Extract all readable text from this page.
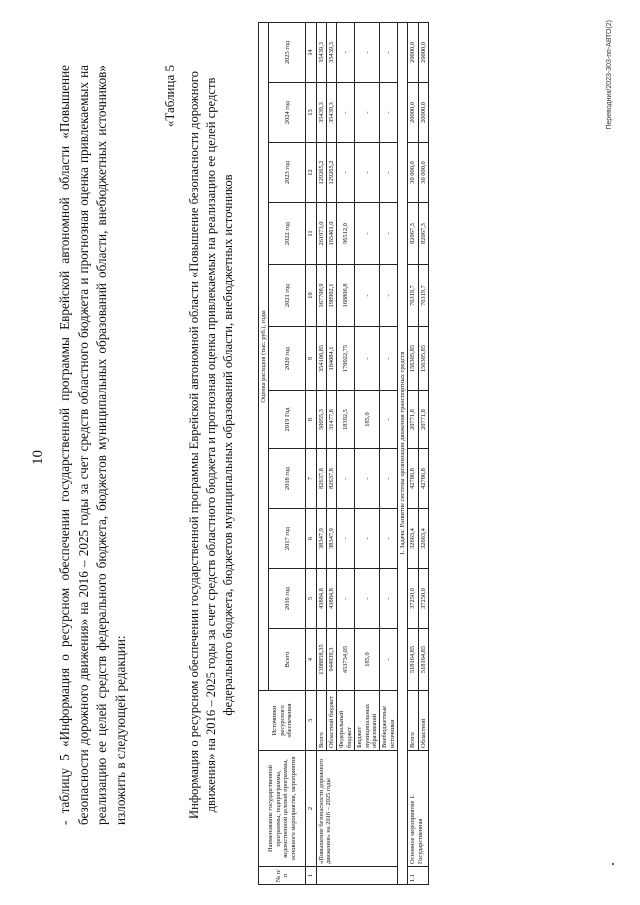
10 - таблицу 5 «Информация о ресурсном обеспечении государственной программы Еврейской автономной области «Повышение безопасности дорожного движения» на 2016 – 2025 годы за счет средств областного бюджета и прогнозная оценка привлекаемых на реализацию ее целей средств федерального бюджета, бюджетов муниципальных образований области, внебюджетных источников» изложить в следующей редакции:
«Таблица 5 Информация о ресурсном обеспечении государственной программы Еврейской автономной области «Повышение безопасности дорожного движения» на 2016 – 2025 годы за счет средств областного бюджета и прогнозная оценка привлекаемых на реализацию ее целей средств федерального бюджета, бюджетов муниципальных образований области, внебюджетных источников
№ п/п	Наименование государственной программы, подпрограммы, ведомственной целевой программы, основного мероприятия, мероприятия	Источники ресурсного обеспечения	Оценка расходов (тыс. руб.), годы										
			Всего	2016 год	2017 год	2018 год	2019 Год	2020 год	2021 год	2022 год	2023 год	2024 год	2025 год
1	2	3	4	5	6	7	8	9	10	11	12	13	14
	«Повышение безопасности дорожного движения» на 2016 – 2025 годы	Всего	1398858,35	43884,8	38347,9	82637,8	50055,3	354106,85	367708,9	261973,0	129265,2	35439,3	35439,3
		Областной бюджет	944939,3	43884,8	38347,9	82637,8	31477,8	184084,1	198902,1	165461,0	129265,2	35439,3	35439,3
		Федеральный бюджет	453734,05	-	-	-	18392,5	170022,75	168806,8	96512,0	-	-	-
		Бюджет муниципальных образований	185,0	-	-	-	185,0	-	-	-	-	-	-
		Внебюджетные источники	-	-	-	-	-	-	-	-	-	-	-
1. Задача: Развитие системы организации движения транспортных средств													
1.1	Основное мероприятие 1. Государственная	Всего	518164,85	37250,0	32663,4	42786,8	20771,8	156305,85	76319,7	82067,3	30 000,0	20000,0	20000,0
		Областной	518164,85	37250,0	32663,4	42786,8	20771,8	156305,85	76319,7	82067,3	30 000,0	20000,0	20000,0	Переводник/2023-303-пп-АВТО(2)
